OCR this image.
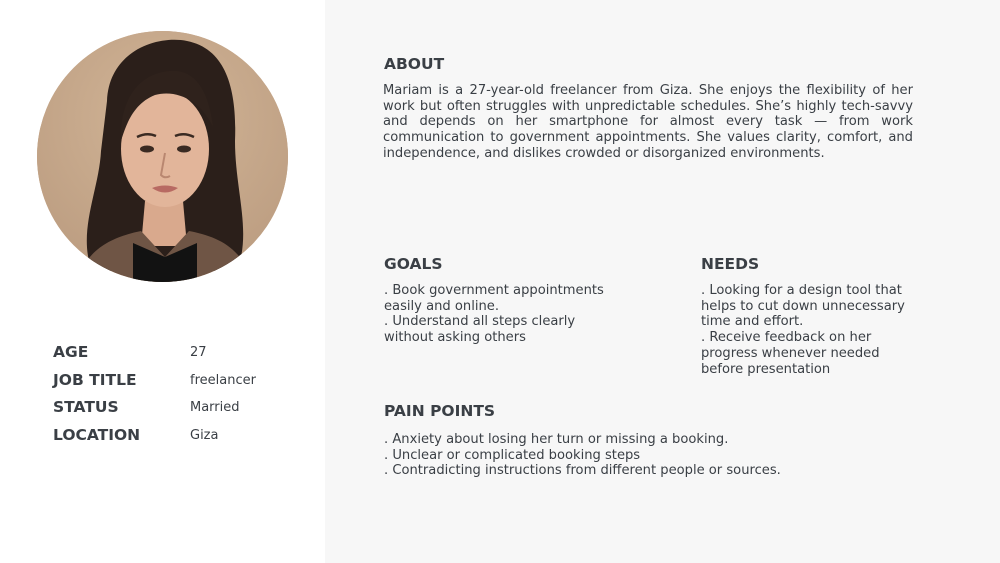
AGE	27
JOB TITLE	freelancer
STATUS	Married
LOCATION	Giza
ABOUT

Mariam is a 27-year-old freelancer from Giza. She enjoys the flexibility of her work but often struggles with unpredictable schedules. She’s highly tech-savvy and depends on her smartphone for almost every task — from work communication to government appointments. She values clarity, comfort, and independence, and dislikes crowded or disorganized environments.

GOALS
. Book government appointments
easily and online.
. Understand all steps clearly
without asking others
NEEDS
. Looking for a design tool that
helps to cut down unnecessary
time and effort.
. Receive feedback on her
progress whenever needed
before presentation
PAIN POINTS
. Anxiety about losing her turn or missing a booking.
. Unclear or complicated booking steps
. Contradicting instructions from different people or sources.
